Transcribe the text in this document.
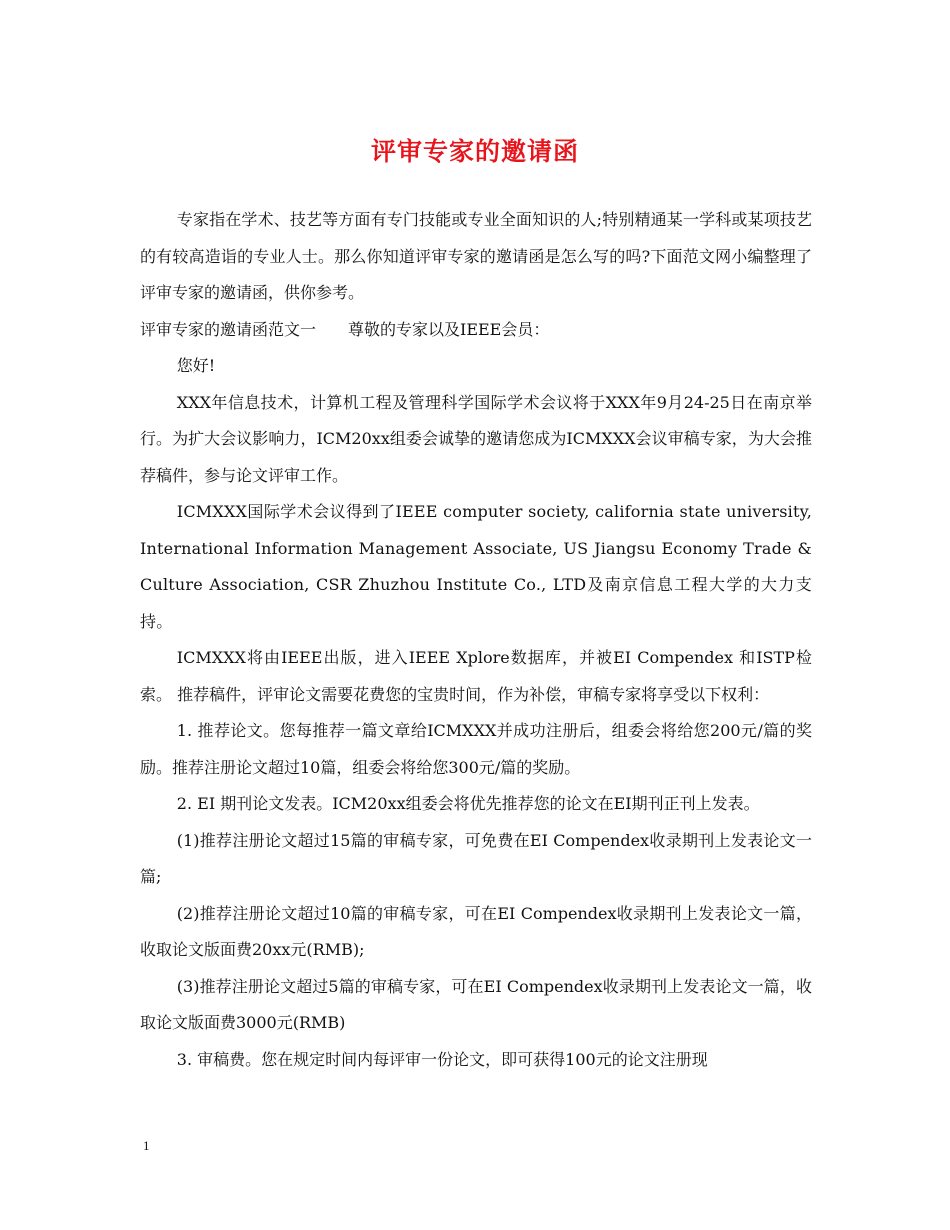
评审专家的邀请函

专家指在学术、技艺等方面有专门技能或专业全面知识的人;特别精通某一学科或某项技艺的有较高造诣的专业人士。那么你知道评审专家的邀请函是怎么写的吗?下面范文网小编整理了评审专家的邀请函，供你参考。

评审专家的邀请函范文一　　尊敬的专家以及IEEE会员：

您好!

XXX年信息技术，计算机工程及管理科学国际学术会议将于XXX年9月24-25日在南京举行。为扩大会议影响力，ICM20xx组委会诚挚的邀请您成为ICMXXX会议审稿专家，为大会推荐稿件，参与论文评审工作。

ICMXXX国际学术会议得到了IEEE computer society, california state university, International Information Management Associate, US Jiangsu Economy Trade & Culture Association, CSR Zhuzhou Institute Co., LTD及南京信息工程大学的大力支持。

ICMXXX将由IEEE出版，进入IEEE Xplore数据库，并被EI Compendex 和ISTP检索。 推荐稿件，评审论文需要花费您的宝贵时间，作为补偿，审稿专家将享受以下权利：

1. 推荐论文。您每推荐一篇文章给ICMXXX并成功注册后，组委会将给您200元/篇的奖励。推荐注册论文超过10篇，组委会将给您300元/篇的奖励。

2. EI 期刊论文发表。ICM20xx组委会将优先推荐您的论文在EI期刊正刊上发表。

(1)推荐注册论文超过15篇的审稿专家，可免费在EI Compendex收录期刊上发表论文一篇;

(2)推荐注册论文超过10篇的审稿专家，可在EI Compendex收录期刊上发表论文一篇，收取论文版面费20xx元(RMB);

(3)推荐注册论文超过5篇的审稿专家，可在EI Compendex收录期刊上发表论文一篇，收取论文版面费3000元(RMB)

3. 审稿费。您在规定时间内每评审一份论文，即可获得100元的论文注册现

1
